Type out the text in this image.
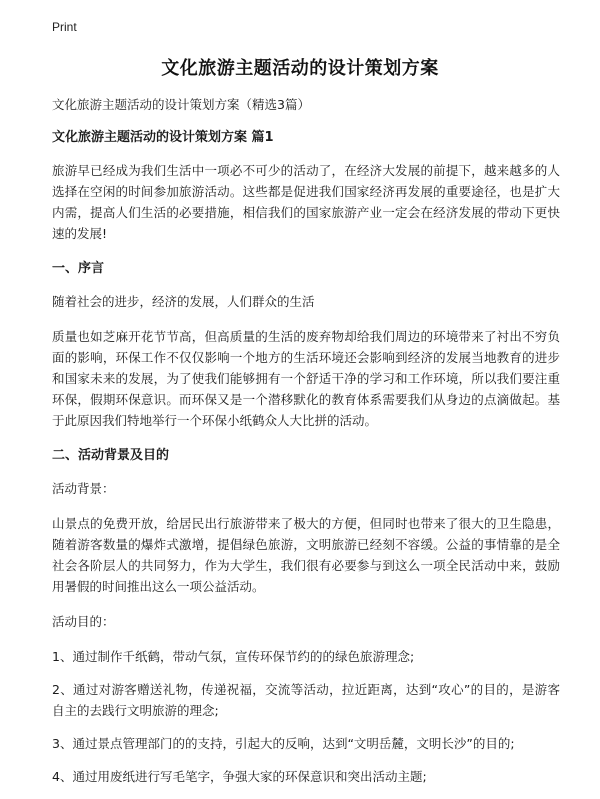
Print
文化旅游主题活动的设计策划方案

文化旅游主题活动的设计策划方案（精选3篇）

文化旅游主题活动的设计策划方案 篇1

旅游早已经成为我们生活中一项必不可少的活动了，在经济大发展的前提下，越来越多的人选择在空闲的时间参加旅游活动。这些都是促进我们国家经济再发展的重要途径，也是扩大内需，提高人们生活的必要措施，相信我们的国家旅游产业一定会在经济发展的带动下更快速的发展!

一、序言

随着社会的进步，经济的发展，人们群众的生活

质量也如芝麻开花节节高，但高质量的生活的废弃物却给我们周边的环境带来了衬出不穷负面的影响，环保工作不仅仅影响一个地方的生活环境还会影响到经济的发展当地教育的进步和国家未来的发展，为了使我们能够拥有一个舒适干净的学习和工作环境，所以我们要注重环保，假期环保意识。而环保又是一个潜移默化的教育体系需要我们从身边的点滴做起。基于此原因我们特地举行一个环保小纸鹤众人大比拼的活动。

二、活动背景及目的

活动背景：

山景点的免费开放，给居民出行旅游带来了极大的方便，但同时也带来了很大的卫生隐患，随着游客数量的爆炸式激增，提倡绿色旅游，文明旅游已经刻不容缓。公益的事情靠的是全社会各阶层人的共同努力，作为大学生，我们很有必要参与到这么一项全民活动中来，鼓励用暑假的时间推出这么一项公益活动。

活动目的：

1、通过制作千纸鹤，带动气氛，宣传环保节约的的绿色旅游理念;

2、通过对游客赠送礼物，传递祝福，交流等活动，拉近距离，达到“攻心”的目的，是游客自主的去践行文明旅游的理念;

3、通过景点管理部门的的支持，引起大的反响，达到“文明岳麓，文明长沙”的目的;

4、通过用废纸进行写毛笔字，争强大家的环保意识和突出活动主题;
